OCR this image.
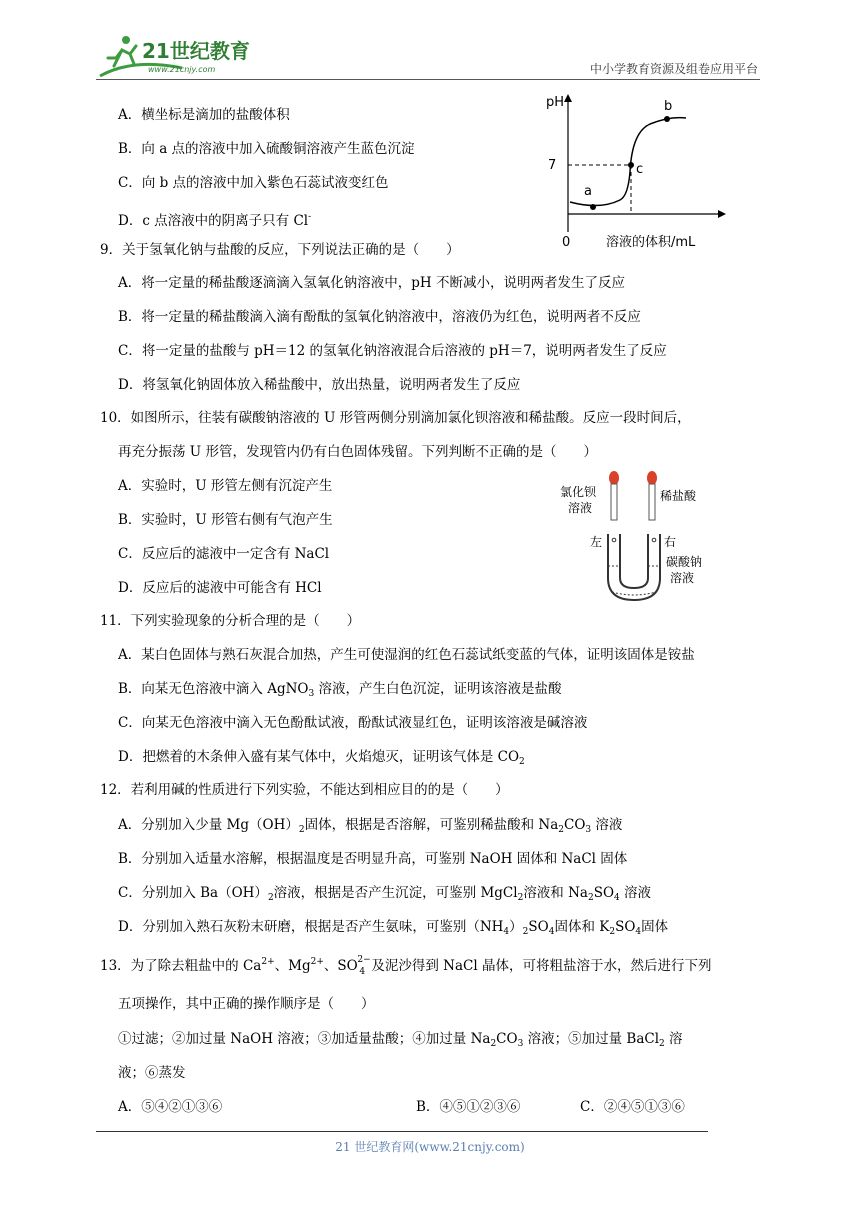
21世纪教育
www.21cnjy.com	中小学教育资源及组卷应用平台
A．横坐标是滴加的盐酸体积
B．向 a 点的溶液中加入硫酸铜溶液产生蓝色沉淀
C．向 b 点的溶液中加入紫色石蕊试液变红色
D．c 点溶液中的阴离子只有 Cl-
pH
7
a
c
b
0	溶液的体积/mL
9．关于氢氧化钠与盐酸的反应，下列说法正确的是（　　）
A．将一定量的稀盐酸逐滴滴入氢氧化钠溶液中，pH 不断减小，说明两者发生了反应
B．将一定量的稀盐酸滴入滴有酚酞的氢氧化钠溶液中，溶液仍为红色，说明两者不反应
C．将一定量的盐酸与 pH＝12 的氢氧化钠溶液混合后溶液的 pH＝7，说明两者发生了反应
D．将氢氧化钠固体放入稀盐酸中，放出热量，说明两者发生了反应
10．如图所示，往装有碳酸钠溶液的 U 形管两侧分别滴加氯化钡溶液和稀盐酸。反应一段时间后，
再充分振荡 U 形管，发现管内仍有白色固体残留。下列判断不正确的是（　　）
A．实验时，U 形管左侧有沉淀产生
B．实验时，U 形管右侧有气泡产生
C．反应后的滤液中一定含有 NaCl
D．反应后的滤液中可能含有 HCl
氯化钡
溶液
稀盐酸
左	右
碳酸钠
溶液
11．下列实验现象的分析合理的是（　　）
A．某白色固体与熟石灰混合加热，产生可使湿润的红色石蕊试纸变蓝的气体，证明该固体是铵盐
B．向某无色溶液中滴入 AgNO$_3$ 溶液，产生白色沉淀，证明该溶液是盐酸
C．向某无色溶液中滴入无色酚酞试液，酚酞试液显红色，证明该溶液是碱溶液
D．把燃着的木条伸入盛有某气体中，火焰熄灭，证明该气体是 $CO_2$
12．若利用碱的性质进行下列实验，不能达到相应目的的是（　　）
A．分别加入少量 $Mg(OH)_2$固体，根据是否溶解，可鉴别稀盐酸和 $Na_2CO_3$ 溶液
B．分别加入适量水溶解，根据温度是否明显升高，可鉴别 NaOH 固体和 NaCl 固体
C．分别加入 $Ba(OH)_2$溶液，根据是否产生沉淀，可鉴别 MgCl$_2$溶液和 $Na_2SO_4$ 溶液
D．分别加入熟石灰粉末研磨，根据是否产生氨味，可鉴别$(NH_4)_2SO_4$固体和 $K_2SO_4$固体
13．为了除去粗盐中的 $Ca^{2+}$、$Mg^{2+}$、SO 2−
4 及泥沙得到 NaCl 晶体，可将粗盐溶于水，然后进行下列
五项操作，其中正确的操作顺序是（　　）
①过滤；②加过量 NaOH 溶液；③加适量盐酸；④加过量 $Na_2CO_3$ 溶液；⑤加过量 BaCl$_2$ 溶
液；⑥蒸发
A．⑤④②①③⑥	B．④⑤①②③⑥	C．②④⑤①③⑥
21 世纪教育网(www.21cnjy.com)
